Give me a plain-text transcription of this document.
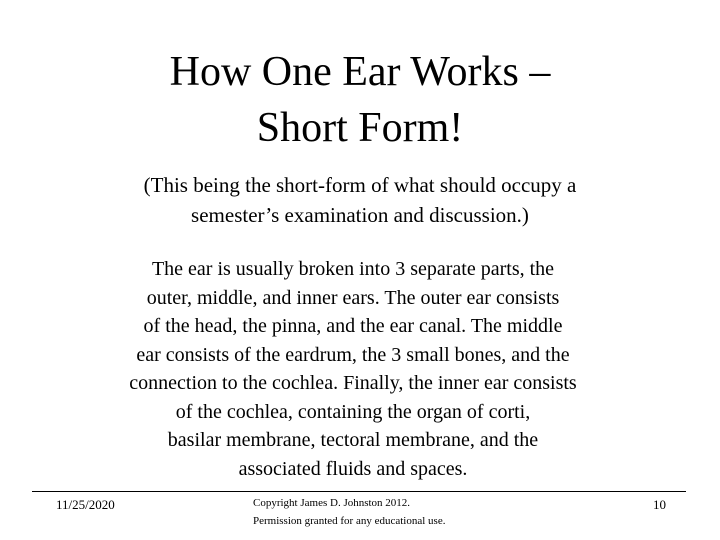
How One Ear Works –
Short Form!
(This being the short-form of what should occupy a
semester’s examination and discussion.)
The ear is usually broken into 3 separate parts, the
outer, middle, and inner ears. The outer ear consists
of the head, the pinna, and the ear canal. The middle
ear consists of the eardrum, the 3 small bones, and the
connection to the cochlea. Finally, the inner ear consists
of the cochlea, containing the organ of corti,
basilar membrane, tectoral membrane, and the
associated fluids and spaces.
11/25/2020	Copyright James D. Johnston 2012.
Permission granted for any educational use.
10
